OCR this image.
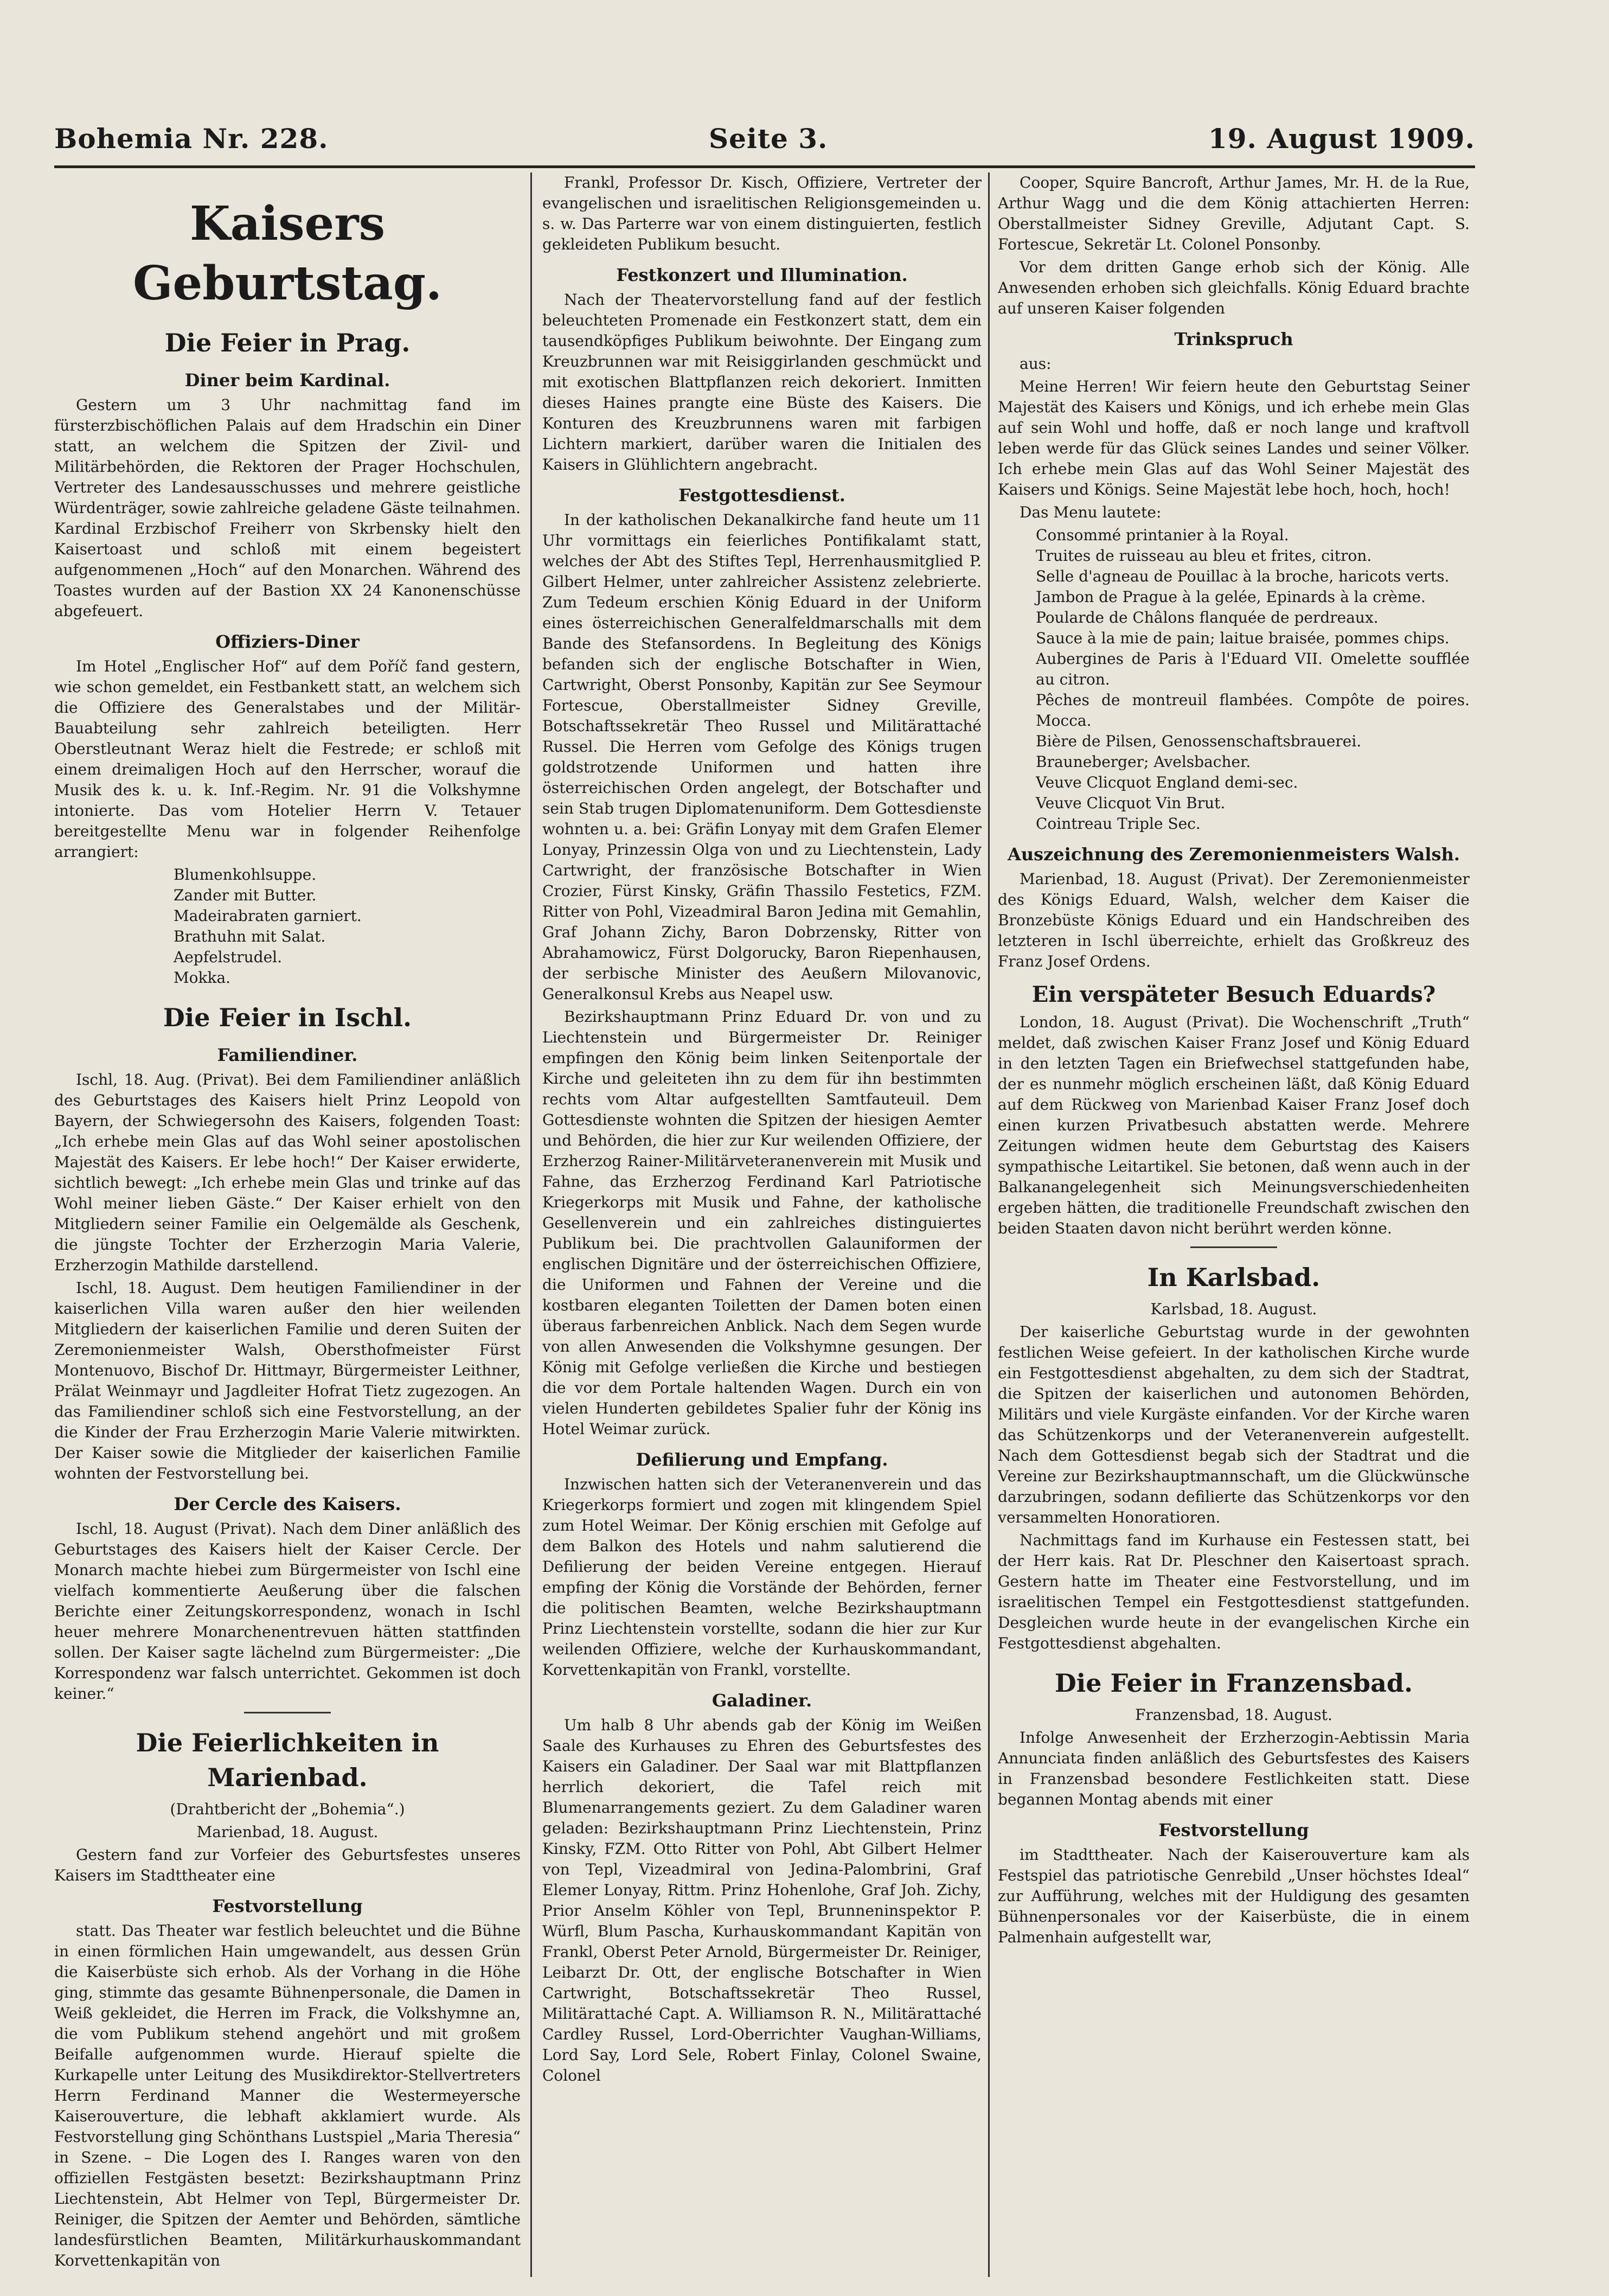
Bohemia Nr. 228.	Seite 3.	19. August 1909.
Kaisers Geburtstag.
Die Feier in Prag.
Diner beim Kardinal.

Gestern um 3 Uhr nachmittag fand im fürsterzbischöflichen Palais auf dem Hradschin ein Diner statt, an welchem die Spitzen der Zivil- und Militärbehörden, die Rektoren der Prager Hochschulen, Vertreter des Landesausschusses und mehrere geistliche Würdenträger, sowie zahlreiche geladene Gäste teilnahmen. Kardinal Erzbischof Freiherr von Skrbensky hielt den Kaisertoast und schloß mit einem begeistert aufgenommenen „Hoch“ auf den Monarchen. Während des Toastes wurden auf der Bastion XX 24 Kanonenschüsse abgefeuert.

Offiziers-Diner

Im Hotel „Englischer Hof“ auf dem Poříč fand gestern, wie schon gemeldet, ein Festbankett statt, an welchem sich die Offiziere des Generalstabes und der Militär-Bauabteilung sehr zahlreich beteiligten. Herr Oberstleutnant Weraz hielt die Festrede; er schloß mit einem dreimaligen Hoch auf den Herrscher, worauf die Musik des k. u. k. Inf.-Regim. Nr. 91 die Volkshymne intonierte. Das vom Hotelier Herrn V. Tetauer bereitgestellte Menu war in folgender Reihenfolge arrangiert:

Blumenkohlsuppe.
Zander mit Butter.
Madeirabraten garniert.
Brathuhn mit Salat.
Aepfelstrudel.
Mokka.
Die Feier in Ischl.
Familiendiner.

Ischl, 18. Aug. (Privat). Bei dem Familiendiner anläßlich des Geburtstages des Kaisers hielt Prinz Leopold von Bayern, der Schwiegersohn des Kaisers, folgenden Toast: „Ich erhebe mein Glas auf das Wohl seiner apostolischen Majestät des Kaisers. Er lebe hoch!“ Der Kaiser erwiderte, sichtlich bewegt: „Ich erhebe mein Glas und trinke auf das Wohl meiner lieben Gäste.“ Der Kaiser erhielt von den Mitgliedern seiner Familie ein Oelgemälde als Geschenk, die jüngste Tochter der Erzherzogin Maria Valerie, Erzherzogin Mathilde darstellend.

Ischl, 18. August. Dem heutigen Familiendiner in der kaiserlichen Villa waren außer den hier weilenden Mitgliedern der kaiserlichen Familie und deren Suiten der Zeremonienmeister Walsh, Obersthofmeister Fürst Montenuovo, Bischof Dr. Hittmayr, Bürgermeister Leithner, Prälat Weinmayr und Jagdleiter Hofrat Tietz zugezogen. An das Familiendiner schloß sich eine Festvorstellung, an der die Kinder der Frau Erzherzogin Marie Valerie mitwirkten. Der Kaiser sowie die Mitglieder der kaiserlichen Familie wohnten der Festvorstellung bei.

Der Cercle des Kaisers.

Ischl, 18. August (Privat). Nach dem Diner anläßlich des Geburtstages des Kaisers hielt der Kaiser Cercle. Der Monarch machte hiebei zum Bürgermeister von Ischl eine vielfach kommentierte Aeußerung über die falschen Berichte einer Zeitungskorrespondenz, wonach in Ischl heuer mehrere Monarchenentrevuen hätten stattfinden sollen. Der Kaiser sagte lächelnd zum Bürgermeister: „Die Korrespondenz war falsch unterrichtet. Gekommen ist doch keiner.“

Die Feierlichkeiten in Marienbad.

(Drahtbericht der „Bohemia“.)

Marienbad, 18. August.

Gestern fand zur Vorfeier des Geburtsfestes unseres Kaisers im Stadttheater eine

Festvorstellung

statt. Das Theater war festlich beleuchtet und die Bühne in einen förmlichen Hain umgewandelt, aus dessen Grün die Kaiserbüste sich erhob. Als der Vorhang in die Höhe ging, stimmte das gesamte Bühnenpersonale, die Damen in Weiß gekleidet, die Herren im Frack, die Volkshymne an, die vom Publikum stehend angehört und mit großem Beifalle aufgenommen wurde. Hierauf spielte die Kurkapelle unter Leitung des Musikdirektor-Stellvertreters Herrn Ferdinand Manner die Westermeyersche Kaiserouverture, die lebhaft akklamiert wurde. Als Festvorstellung ging Schönthans Lustspiel „Maria Theresia“ in Szene. – Die Logen des I. Ranges waren von den offiziellen Festgästen besetzt: Bezirkshauptmann Prinz Liechtenstein, Abt Helmer von Tepl, Bürgermeister Dr. Reiniger, die Spitzen der Aemter und Behörden, sämtliche landesfürstlichen Beamten, Militärkurhauskommandant Korvettenkapitän von

Frankl, Professor Dr. Kisch, Offiziere, Vertreter der evangelischen und israelitischen Religionsgemeinden u. s. w. Das Parterre war von einem distinguierten, festlich gekleideten Publikum besucht.

Festkonzert und Illumination.

Nach der Theatervorstellung fand auf der festlich beleuchteten Promenade ein Festkonzert statt, dem ein tausendköpfiges Publikum beiwohnte. Der Eingang zum Kreuzbrunnen war mit Reisiggirlanden geschmückt und mit exotischen Blattpflanzen reich dekoriert. Inmitten dieses Haines prangte eine Büste des Kaisers. Die Konturen des Kreuzbrunnens waren mit farbigen Lichtern markiert, darüber waren die Initialen des Kaisers in Glühlichtern angebracht.

Festgottesdienst.

In der katholischen Dekanalkirche fand heute um 11 Uhr vormittags ein feierliches Pontifikalamt statt, welches der Abt des Stiftes Tepl, Herrenhausmitglied P. Gilbert Helmer, unter zahlreicher Assistenz zelebrierte. Zum Tedeum erschien König Eduard in der Uniform eines österreichischen Generalfeldmarschalls mit dem Bande des Stefansordens. In Begleitung des Königs befanden sich der englische Botschafter in Wien, Cartwright, Oberst Ponsonby, Kapitän zur See Seymour Fortescue, Oberstallmeister Sidney Greville, Botschaftssekretär Theo Russel und Militärattaché Russel. Die Herren vom Gefolge des Königs trugen goldstrotzende Uniformen und hatten ihre österreichischen Orden angelegt, der Botschafter und sein Stab trugen Diplomatenuniform. Dem Gottesdienste wohnten u. a. bei: Gräfin Lonyay mit dem Grafen Elemer Lonyay, Prinzessin Olga von und zu Liechtenstein, Lady Cartwright, der französische Botschafter in Wien Crozier, Fürst Kinsky, Gräfin Thassilo Festetics, FZM. Ritter von Pohl, Vizeadmiral Baron Jedina mit Gemahlin, Graf Johann Zichy, Baron Dobrzensky, Ritter von Abrahamowicz, Fürst Dolgorucky, Baron Riepenhausen, der serbische Minister des Aeußern Milovanovic, Generalkonsul Krebs aus Neapel usw.

Bezirkshauptmann Prinz Eduard Dr. von und zu Liechtenstein und Bürgermeister Dr. Reiniger empfingen den König beim linken Seitenportale der Kirche und geleiteten ihn zu dem für ihn bestimmten rechts vom Altar aufgestellten Samtfauteuil. Dem Gottesdienste wohnten die Spitzen der hiesigen Aemter und Behörden, die hier zur Kur weilenden Offiziere, der Erzherzog Rainer-Militärveteranenverein mit Musik und Fahne, das Erzherzog Ferdinand Karl Patriotische Kriegerkorps mit Musik und Fahne, der katholische Gesellenverein und ein zahlreiches distinguiertes Publikum bei. Die prachtvollen Galauniformen der englischen Dignitäre und der österreichischen Offiziere, die Uniformen und Fahnen der Vereine und die kostbaren eleganten Toiletten der Damen boten einen überaus farbenreichen Anblick. Nach dem Segen wurde von allen Anwesenden die Volkshymne gesungen. Der König mit Gefolge verließen die Kirche und bestiegen die vor dem Portale haltenden Wagen. Durch ein von vielen Hunderten gebildetes Spalier fuhr der König ins Hotel Weimar zurück.

Defilierung und Empfang.

Inzwischen hatten sich der Veteranenverein und das Kriegerkorps formiert und zogen mit klingendem Spiel zum Hotel Weimar. Der König erschien mit Gefolge auf dem Balkon des Hotels und nahm salutierend die Defilierung der beiden Vereine entgegen. Hierauf empfing der König die Vorstände der Behörden, ferner die politischen Beamten, welche Bezirkshauptmann Prinz Liechtenstein vorstellte, sodann die hier zur Kur weilenden Offiziere, welche der Kurhauskommandant, Korvettenkapitän von Frankl, vorstellte.

Galadiner.

Um halb 8 Uhr abends gab der König im Weißen Saale des Kurhauses zu Ehren des Geburtsfestes des Kaisers ein Galadiner. Der Saal war mit Blattpflanzen herrlich dekoriert, die Tafel reich mit Blumenarrangements geziert. Zu dem Galadiner waren geladen: Bezirkshauptmann Prinz Liechtenstein, Prinz Kinsky, FZM. Otto Ritter von Pohl, Abt Gilbert Helmer von Tepl, Vizeadmiral von Jedina-Palombrini, Graf Elemer Lonyay, Rittm. Prinz Hohenlohe, Graf Joh. Zichy, Prior Anselm Köhler von Tepl, Brunneninspektor P. Würfl, Blum Pascha, Kurhauskommandant Kapitän von Frankl, Oberst Peter Arnold, Bürgermeister Dr. Reiniger, Leibarzt Dr. Ott, der englische Botschafter in Wien Cartwright, Botschaftssekretär Theo Russel, Militärattaché Capt. A. Williamson R. N., Militärattaché Cardley Russel, Lord-Oberrichter Vaughan-Williams, Lord Say, Lord Sele, Robert Finlay, Colonel Swaine, Colonel

Cooper, Squire Bancroft, Arthur James, Mr. H. de la Rue, Arthur Wagg und die dem König attachierten Herren: Oberstallmeister Sidney Greville, Adjutant Capt. S. Fortescue, Sekretär Lt. Colonel Ponsonby.

Vor dem dritten Gange erhob sich der König. Alle Anwesenden erhoben sich gleichfalls. König Eduard brachte auf unseren Kaiser folgenden

Trinkspruch

aus:

Meine Herren! Wir feiern heute den Geburtstag Seiner Majestät des Kaisers und Königs, und ich erhebe mein Glas auf sein Wohl und hoffe, daß er noch lange und kraftvoll leben werde für das Glück seines Landes und seiner Völker. Ich erhebe mein Glas auf das Wohl Seiner Majestät des Kaisers und Königs. Seine Majestät lebe hoch, hoch, hoch!

Das Menu lautete:

Consommé printanier à la Royal.
Truites de ruisseau au bleu et frites, citron.
Selle d'agneau de Pouillac à la broche, haricots verts.
Jambon de Prague à la gelée, Epinards à la crème.
Poularde de Châlons flanquée de perdreaux.
Sauce à la mie de pain; laitue braisée, pommes chips.
Aubergines de Paris à l'Eduard VII. Omelette soufflée au citron.
Pêches de montreuil flambées. Compôte de poires. Mocca.
Bière de Pilsen, Genossenschaftsbrauerei.
Brauneberger; Avelsbacher.
Veuve Clicquot England demi-sec.
Veuve Clicquot Vin Brut.
Cointreau Triple Sec.
Auszeichnung des Zeremonienmeisters Walsh.

Marienbad, 18. August (Privat). Der Zeremonienmeister des Königs Eduard, Walsh, welcher dem Kaiser die Bronzebüste Königs Eduard und ein Handschreiben des letzteren in Ischl überreichte, erhielt das Großkreuz des Franz Josef Ordens.

Ein verspäteter Besuch Eduards?

London, 18. August (Privat). Die Wochenschrift „Truth“ meldet, daß zwischen Kaiser Franz Josef und König Eduard in den letzten Tagen ein Briefwechsel stattgefunden habe, der es nunmehr möglich erscheinen läßt, daß König Eduard auf dem Rückweg von Marienbad Kaiser Franz Josef doch einen kurzen Privatbesuch abstatten werde. Mehrere Zeitungen widmen heute dem Geburtstag des Kaisers sympathische Leitartikel. Sie betonen, daß wenn auch in der Balkanangelegenheit sich Meinungsverschiedenheiten ergeben hätten, die traditionelle Freundschaft zwischen den beiden Staaten davon nicht berührt werden könne.

In Karlsbad.

Karlsbad, 18. August.

Der kaiserliche Geburtstag wurde in der gewohnten festlichen Weise gefeiert. In der katholischen Kirche wurde ein Festgottesdienst abgehalten, zu dem sich der Stadtrat, die Spitzen der kaiserlichen und autonomen Behörden, Militärs und viele Kurgäste einfanden. Vor der Kirche waren das Schützenkorps und der Veteranenverein aufgestellt. Nach dem Gottesdienst begab sich der Stadtrat und die Vereine zur Bezirkshauptmannschaft, um die Glückwünsche darzubringen, sodann defilierte das Schützenkorps vor den versammelten Honoratioren.

Nachmittags fand im Kurhause ein Festessen statt, bei der Herr kais. Rat Dr. Pleschner den Kaisertoast sprach. Gestern hatte im Theater eine Festvorstellung, und im israelitischen Tempel ein Festgottesdienst stattgefunden. Desgleichen wurde heute in der evangelischen Kirche ein Festgottesdienst abgehalten.

Die Feier in Franzensbad.

Franzensbad, 18. August.

Infolge Anwesenheit der Erzherzogin-Aebtissin Maria Annunciata finden anläßlich des Geburtsfestes des Kaisers in Franzensbad besondere Festlichkeiten statt. Diese begannen Montag abends mit einer

Festvorstellung

im Stadttheater. Nach der Kaiserouverture kam als Festspiel das patriotische Genrebild „Unser höchstes Ideal“ zur Aufführung, welches mit der Huldigung des gesamten Bühnenpersonales vor der Kaiserbüste, die in einem Palmenhain aufgestellt war,
